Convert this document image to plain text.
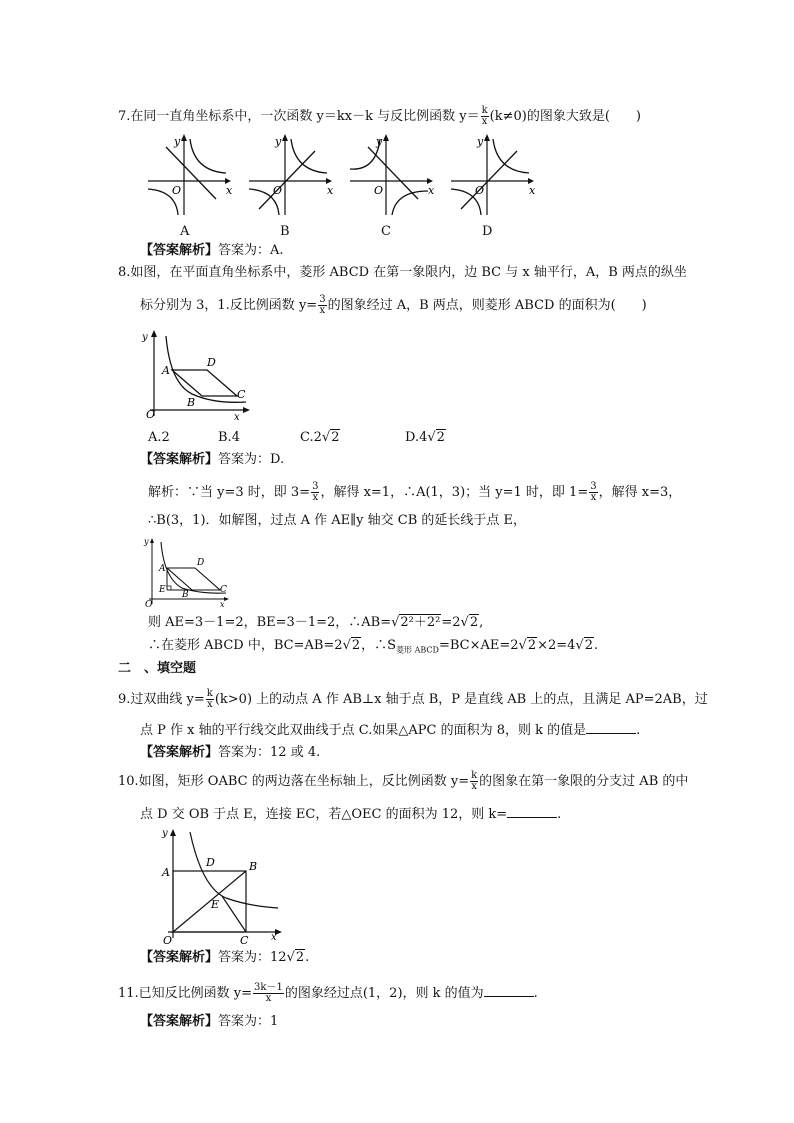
7.在同一直角坐标系中，一次函数 y＝kx－k 与反比例函数 $y= \frac{k}{x} (k\ne 0)$的图象大致是(　　)
y
O	x
y
O	x
y
O	x
y
O	x
A	B	C	D
【答案解析】答案为：A.
8.如图，在平面直角坐标系中，菱形 ABCD 在第一象限内，边 BC 与 x 轴平行，A，B 两点的纵坐
标分别为 3，1.反比例函数 $y= \frac{3}{x}$ 的图象经过 A，B 两点，则菱形 ABCD 的面积为(　　)
y
O	x
A
D
B
C
A.2	B.4	C.2√2	D.4√2
【答案解析】答案为：D.
解析：∵当 y=3 时，即 $3= \frac{3}{x}$ ，解得 x=1，∴A(1，3)；当 y=1 时，即 $1= \frac{3}{x}$ ，解得 x=3，
∴B(3，1)．如解图，过点 A 作 AE∥y 轴交 CB 的延长线于点 E，
y
O	x
A
D
E B	C
则 AE=3－1=2，BE=3－1=2，∴AB=√2²＋2²=2√2,
∴在菱形 ABCD 中，BC=AB=2√2，$\therefore S_{菱形 ABCD}=BC\times AE=2√2\times 2=4√2$.
二　、填空题
9.过双曲线 $y= \frac{k}{x} (k>0)$ 上的动点 A 作 AB⊥x 轴于点 B，P 是直线 AB 上的点，且满足 AP=2AB，过
点 P 作 x 轴的平行线交此双曲线于点 C.如果△APC 的面积为 8，则 k 的值是	.
【答案解析】答案为：12 或 4.
10.如图，矩形 OABC 的两边落在坐标轴上，反比例函数 $y= \frac{k}{x}$ 的图象在第一象限的分支过 AB 的中
点 D 交 OB 于点 E，连接 EC，若△OEC 的面积为 12，则 k=	.
y
A
D	B
E
O	C x
【答案解析】答案为：12√2.
11.已知反比例函数 $y= \frac{3k-1}{x}$ 的图象经过点(1，2)，则 k 的值为	.
【答案解析】答案为：1
